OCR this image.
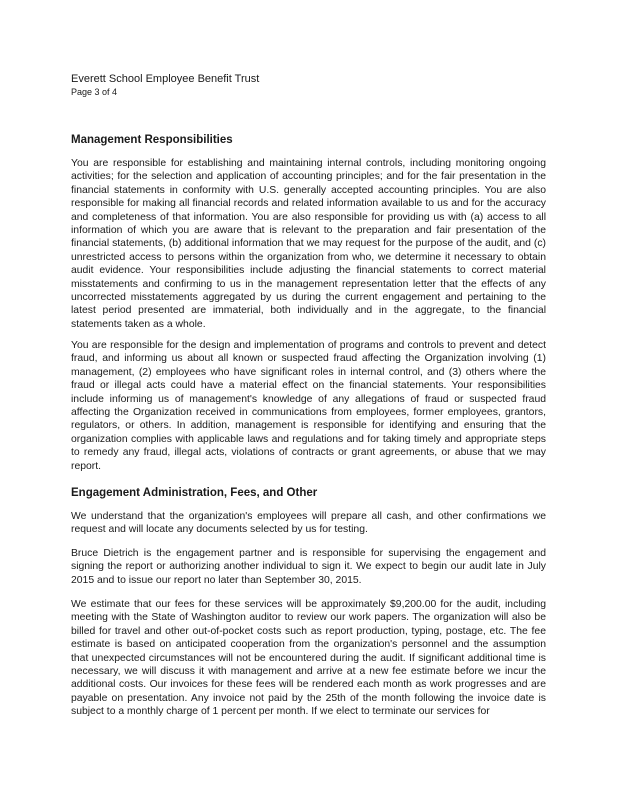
Everett School Employee Benefit Trust
Page 3 of 4
Management Responsibilities

You are responsible for establishing and maintaining internal controls, including monitoring ongoing activities; for the selection and application of accounting principles; and for the fair presentation in the financial statements in conformity with U.S. generally accepted accounting principles. You are also responsible for making all financial records and related information available to us and for the accuracy and completeness of that information. You are also responsible for providing us with (a) access to all information of which you are aware that is relevant to the preparation and fair presentation of the financial statements, (b) additional information that we may request for the purpose of the audit, and (c) unrestricted access to persons within the organization from who, we determine it necessary to obtain audit evidence. Your responsibilities include adjusting the financial statements to correct material misstatements and confirming to us in the management representation letter that the effects of any uncorrected misstatements aggregated by us during the current engagement and pertaining to the latest period presented are immaterial, both individually and in the aggregate, to the financial statements taken as a whole.

You are responsible for the design and implementation of programs and controls to prevent and detect fraud, and informing us about all known or suspected fraud affecting the Organization involving (1) management, (2) employees who have significant roles in internal control, and (3) others where the fraud or illegal acts could have a material effect on the financial statements. Your responsibilities include informing us of management's knowledge of any allegations of fraud or suspected fraud affecting the Organization received in communications from employees, former employees, grantors, regulators, or others. In addition, management is responsible for identifying and ensuring that the organization complies with applicable laws and regulations and for taking timely and appropriate steps to remedy any fraud, illegal acts, violations of contracts or grant agreements, or abuse that we may report.

Engagement Administration, Fees, and Other

We understand that the organization's employees will prepare all cash, and other confirmations we request and will locate any documents selected by us for testing.

Bruce Dietrich is the engagement partner and is responsible for supervising the engagement and signing the report or authorizing another individual to sign it. We expect to begin our audit late in July 2015 and to issue our report no later than September 30, 2015.

We estimate that our fees for these services will be approximately $9,200.00 for the audit, including meeting with the State of Washington auditor to review our work papers. The organization will also be billed for travel and other out-of-pocket costs such as report production, typing, postage, etc. The fee estimate is based on anticipated cooperation from the organization's personnel and the assumption that unexpected circumstances will not be encountered during the audit. If significant additional time is necessary, we will discuss it with management and arrive at a new fee estimate before we incur the additional costs. Our invoices for these fees will be rendered each month as work progresses and are payable on presentation. Any invoice not paid by the 25th of the month following the invoice date is subject to a monthly charge of 1 percent per month. If we elect to terminate our services for
